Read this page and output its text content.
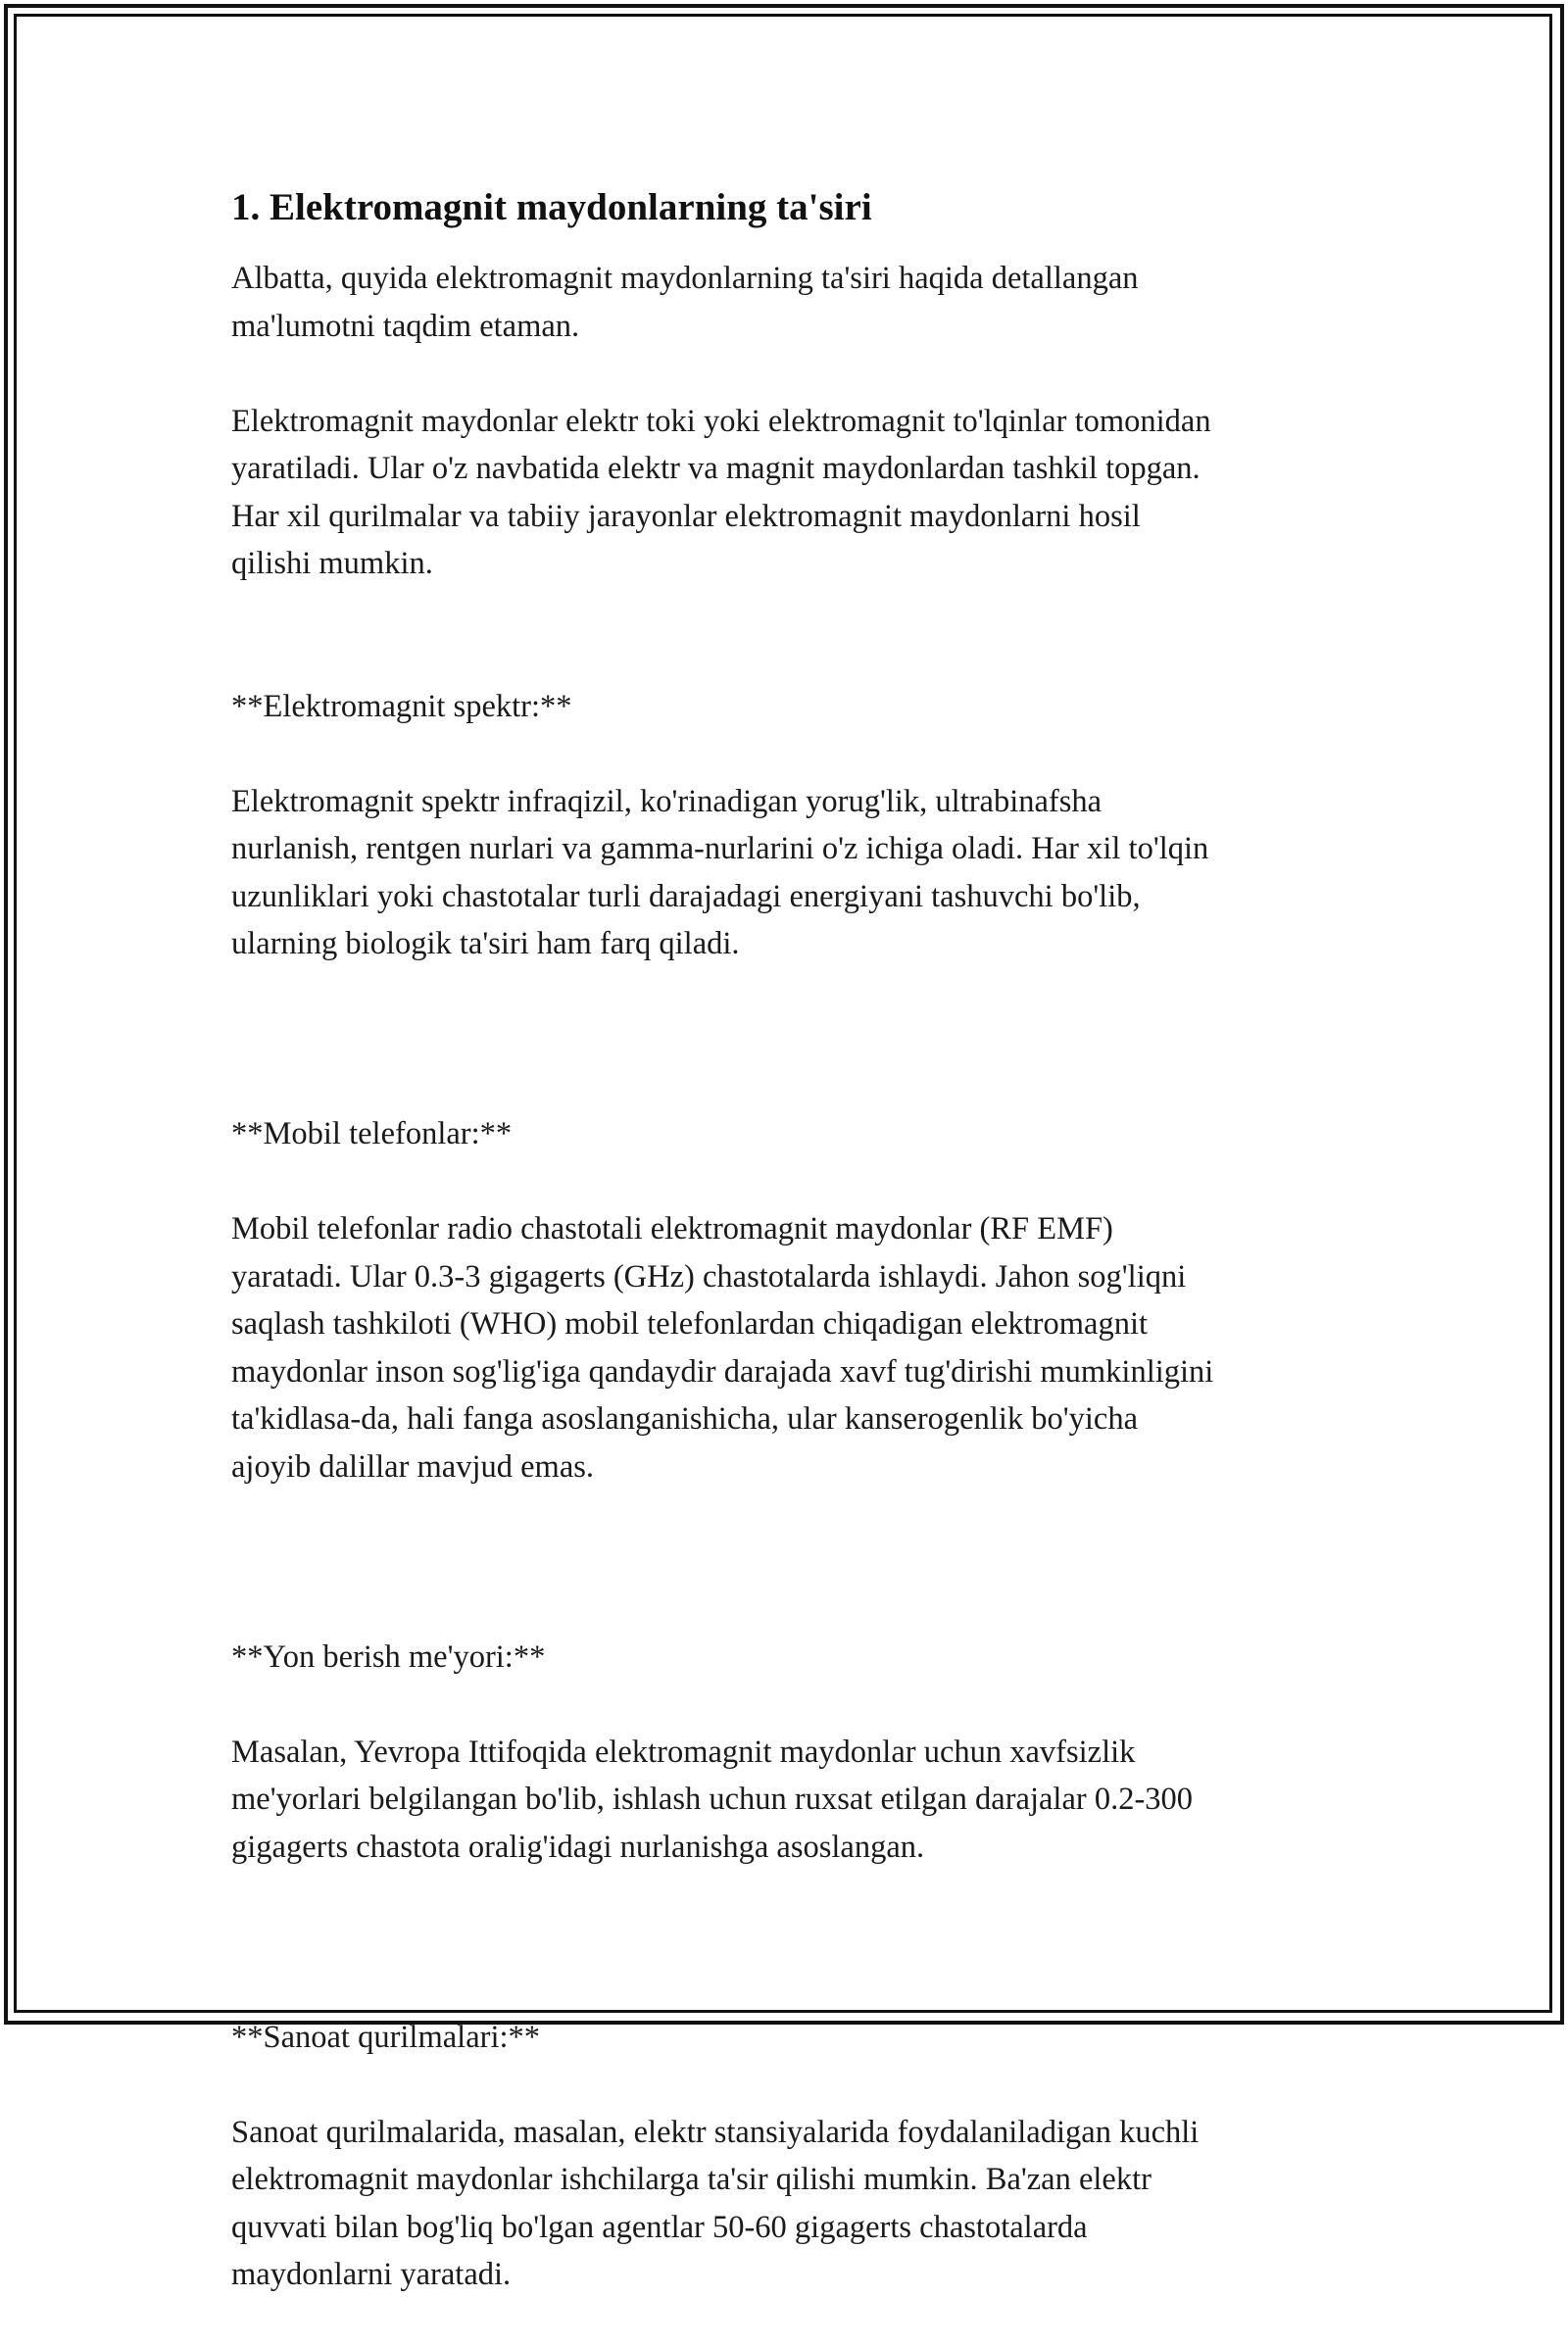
1. Elektromagnit maydonlarning ta'siri

Albatta, quyida elektromagnit maydonlarning ta'siri haqida detallangan
ma'lumotni taqdim etaman.

Elektromagnit maydonlar elektr toki yoki elektromagnit to'lqinlar tomonidan
yaratiladi. Ular o'z navbatida elektr va magnit maydonlardan tashkil topgan.
Har xil qurilmalar va tabiiy jarayonlar elektromagnit maydonlarni hosil
qilishi mumkin.

**Elektromagnit spektr:**

Elektromagnit spektr infraqizil, ko'rinadigan yorug'lik, ultrabinafsha
nurlanish, rentgen nurlari va gamma-nurlarini o'z ichiga oladi. Har xil to'lqin
uzunliklari yoki chastotalar turli darajadagi energiyani tashuvchi bo'lib,
ularning biologik ta'siri ham farq qiladi.

**Mobil telefonlar:**

Mobil telefonlar radio chastotali elektromagnit maydonlar (RF EMF)
yaratadi. Ular 0.3-3 gigagerts (GHz) chastotalarda ishlaydi. Jahon sog'liqni
saqlash tashkiloti (WHO) mobil telefonlardan chiqadigan elektromagnit
maydonlar inson sog'lig'iga qandaydir darajada xavf tug'dirishi mumkinligini
ta'kidlasa-da, hali fanga asoslanganishicha, ular kanserogenlik bo'yicha
ajoyib dalillar mavjud emas.

**Yon berish me'yori:**

Masalan, Yevropa Ittifoqida elektromagnit maydonlar uchun xavfsizlik
me'yorlari belgilangan bo'lib, ishlash uchun ruxsat etilgan darajalar 0.2-300
gigagerts chastota oralig'idagi nurlanishga asoslangan.

**Sanoat qurilmalari:**

Sanoat qurilmalarida, masalan, elektr stansiyalarida foydalaniladigan kuchli
elektromagnit maydonlar ishchilarga ta'sir qilishi mumkin. Ba'zan elektr
quvvati bilan bog'liq bo'lgan agentlar 50-60 gigagerts chastotalarda
maydonlarni yaratadi.
